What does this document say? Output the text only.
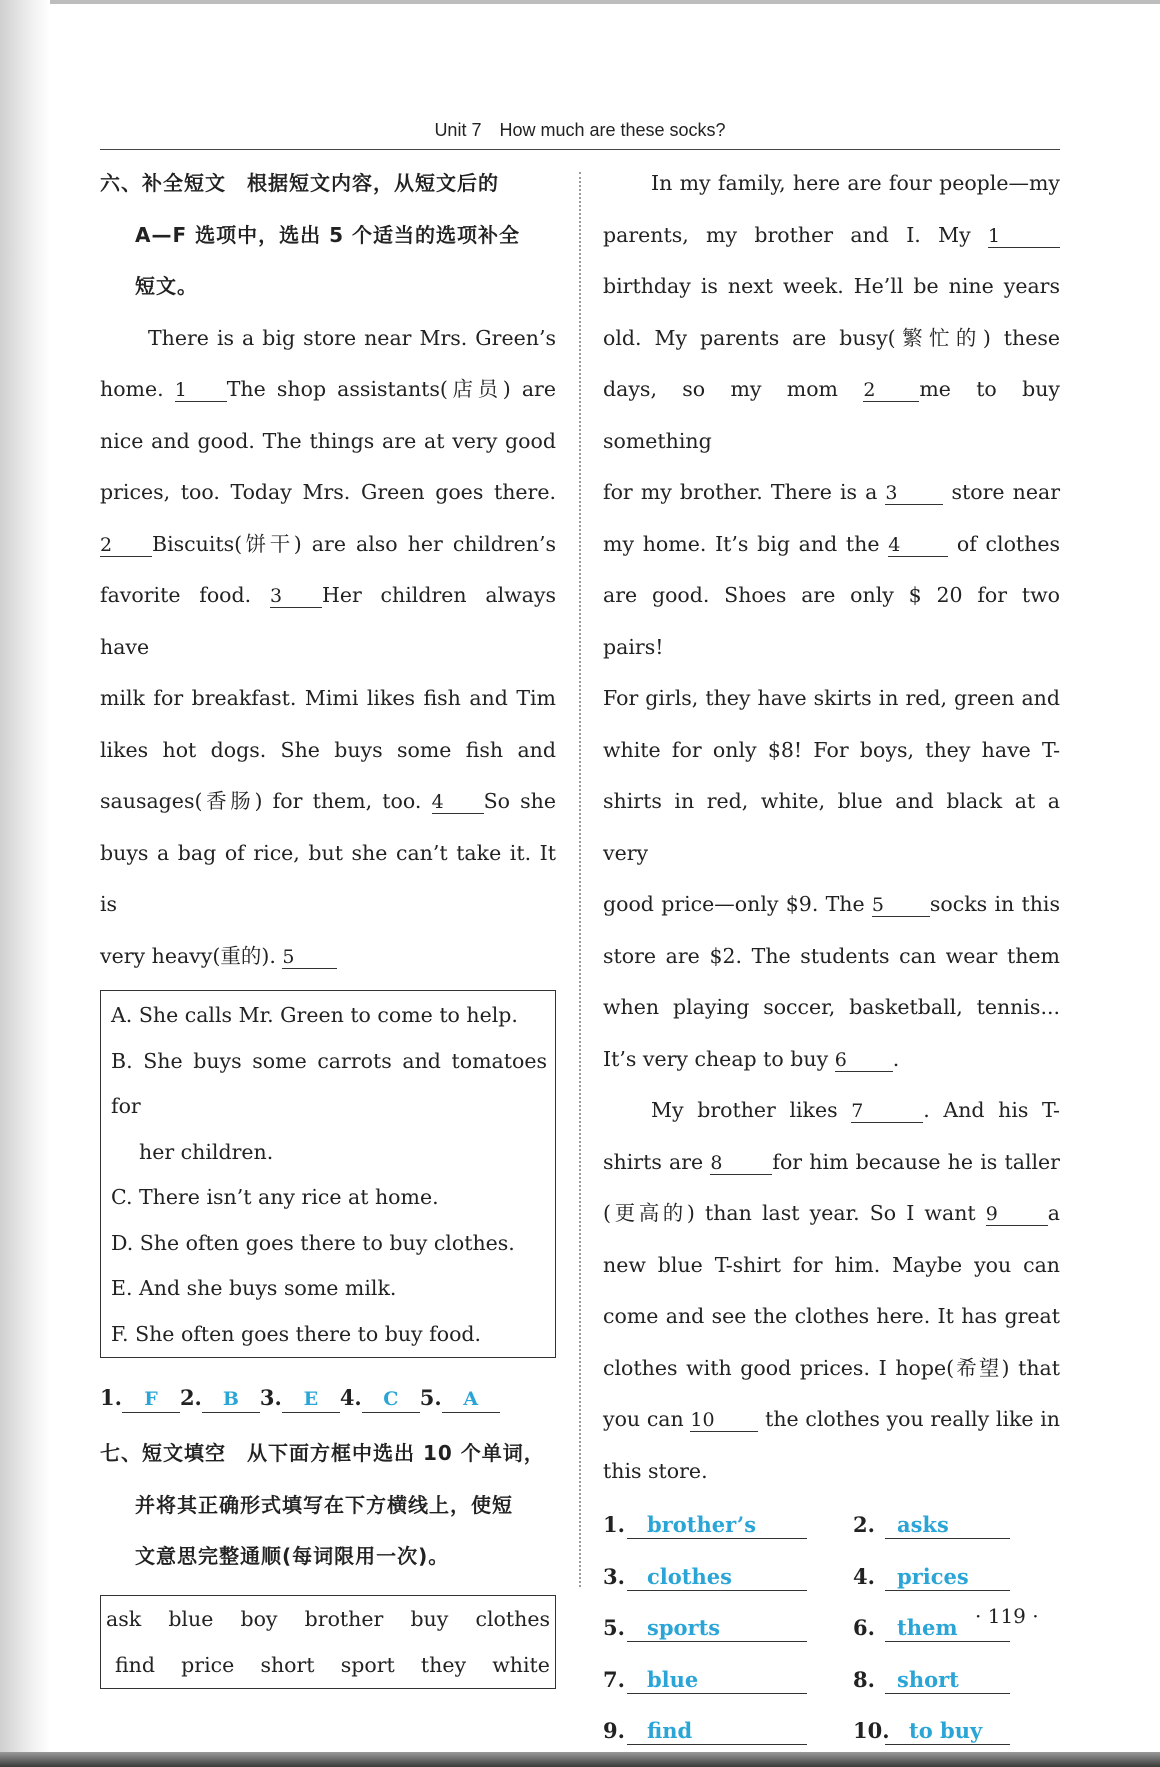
Unit 7 How much are these socks?
六、补全短文　根据短文内容，从短文后的
A—F 选项中，选出 5 个适当的选项补全
短文。
There is a big store near Mrs. Green’s
home. 1 The shop assistants(店员) are
nice and good. The things are at very good
prices, too. Today Mrs. Green goes there.
2 Biscuits(饼干) are also her children’s
favorite food. 3 Her children always have
milk for breakfast. Mimi likes fish and Tim
likes hot dogs. She buys some fish and
sausages(香肠) for them, too. 4 So she
buys a bag of rice, but she can’t take it. It is
very heavy(重的). 5
A. She calls Mr. Green to come to help.
B. She buys some carrots and tomatoes for
her children.
C. There isn’t any rice at home.
D. She often goes there to buy clothes.
E. And she buys some milk.
F. She often goes there to buy food.
1. F 2. B 3. E 4. C 5. A
七、短文填空　从下面方框中选出 10 个单词，
并将其正确形式填写在下方横线上，使短
文意思完整通顺(每词限用一次)。
ask blue boy brother buy clothes
find price short sport they white
In my family, here are four people—my
parents, my brother and I. My 1
birthday is next week. He’ll be nine years
old. My parents are busy(繁忙的) these
days, so my mom 2 me to buy something
for my brother. There is a 3 store near
my home. It’s big and the 4 of clothes
are good. Shoes are only $ 20 for two pairs!
For girls, they have skirts in red, green and
white for only $8! For boys, they have T-
shirts in red, white, blue and black at a very
good price—only $9. The 5 socks in this
store are $2. The students can wear them
when playing soccer, basketball, tennis...
It’s very cheap to buy 6 .
My brother likes 7	. And his T-
shirts are 8 for him because he is taller
(更高的) than last year. So I want 9 a
new blue T-shirt for him. Maybe you can
come and see the clothes here. It has great
clothes with good prices. I hope(希望) that
you can 10 the clothes you really like in
this store.
1.	brother’s	2.	asks
3.	clothes	4.	prices
5.	sports	6.	them
7.	blue	8.	short
9.	find	10. to buy
· 119 ·
